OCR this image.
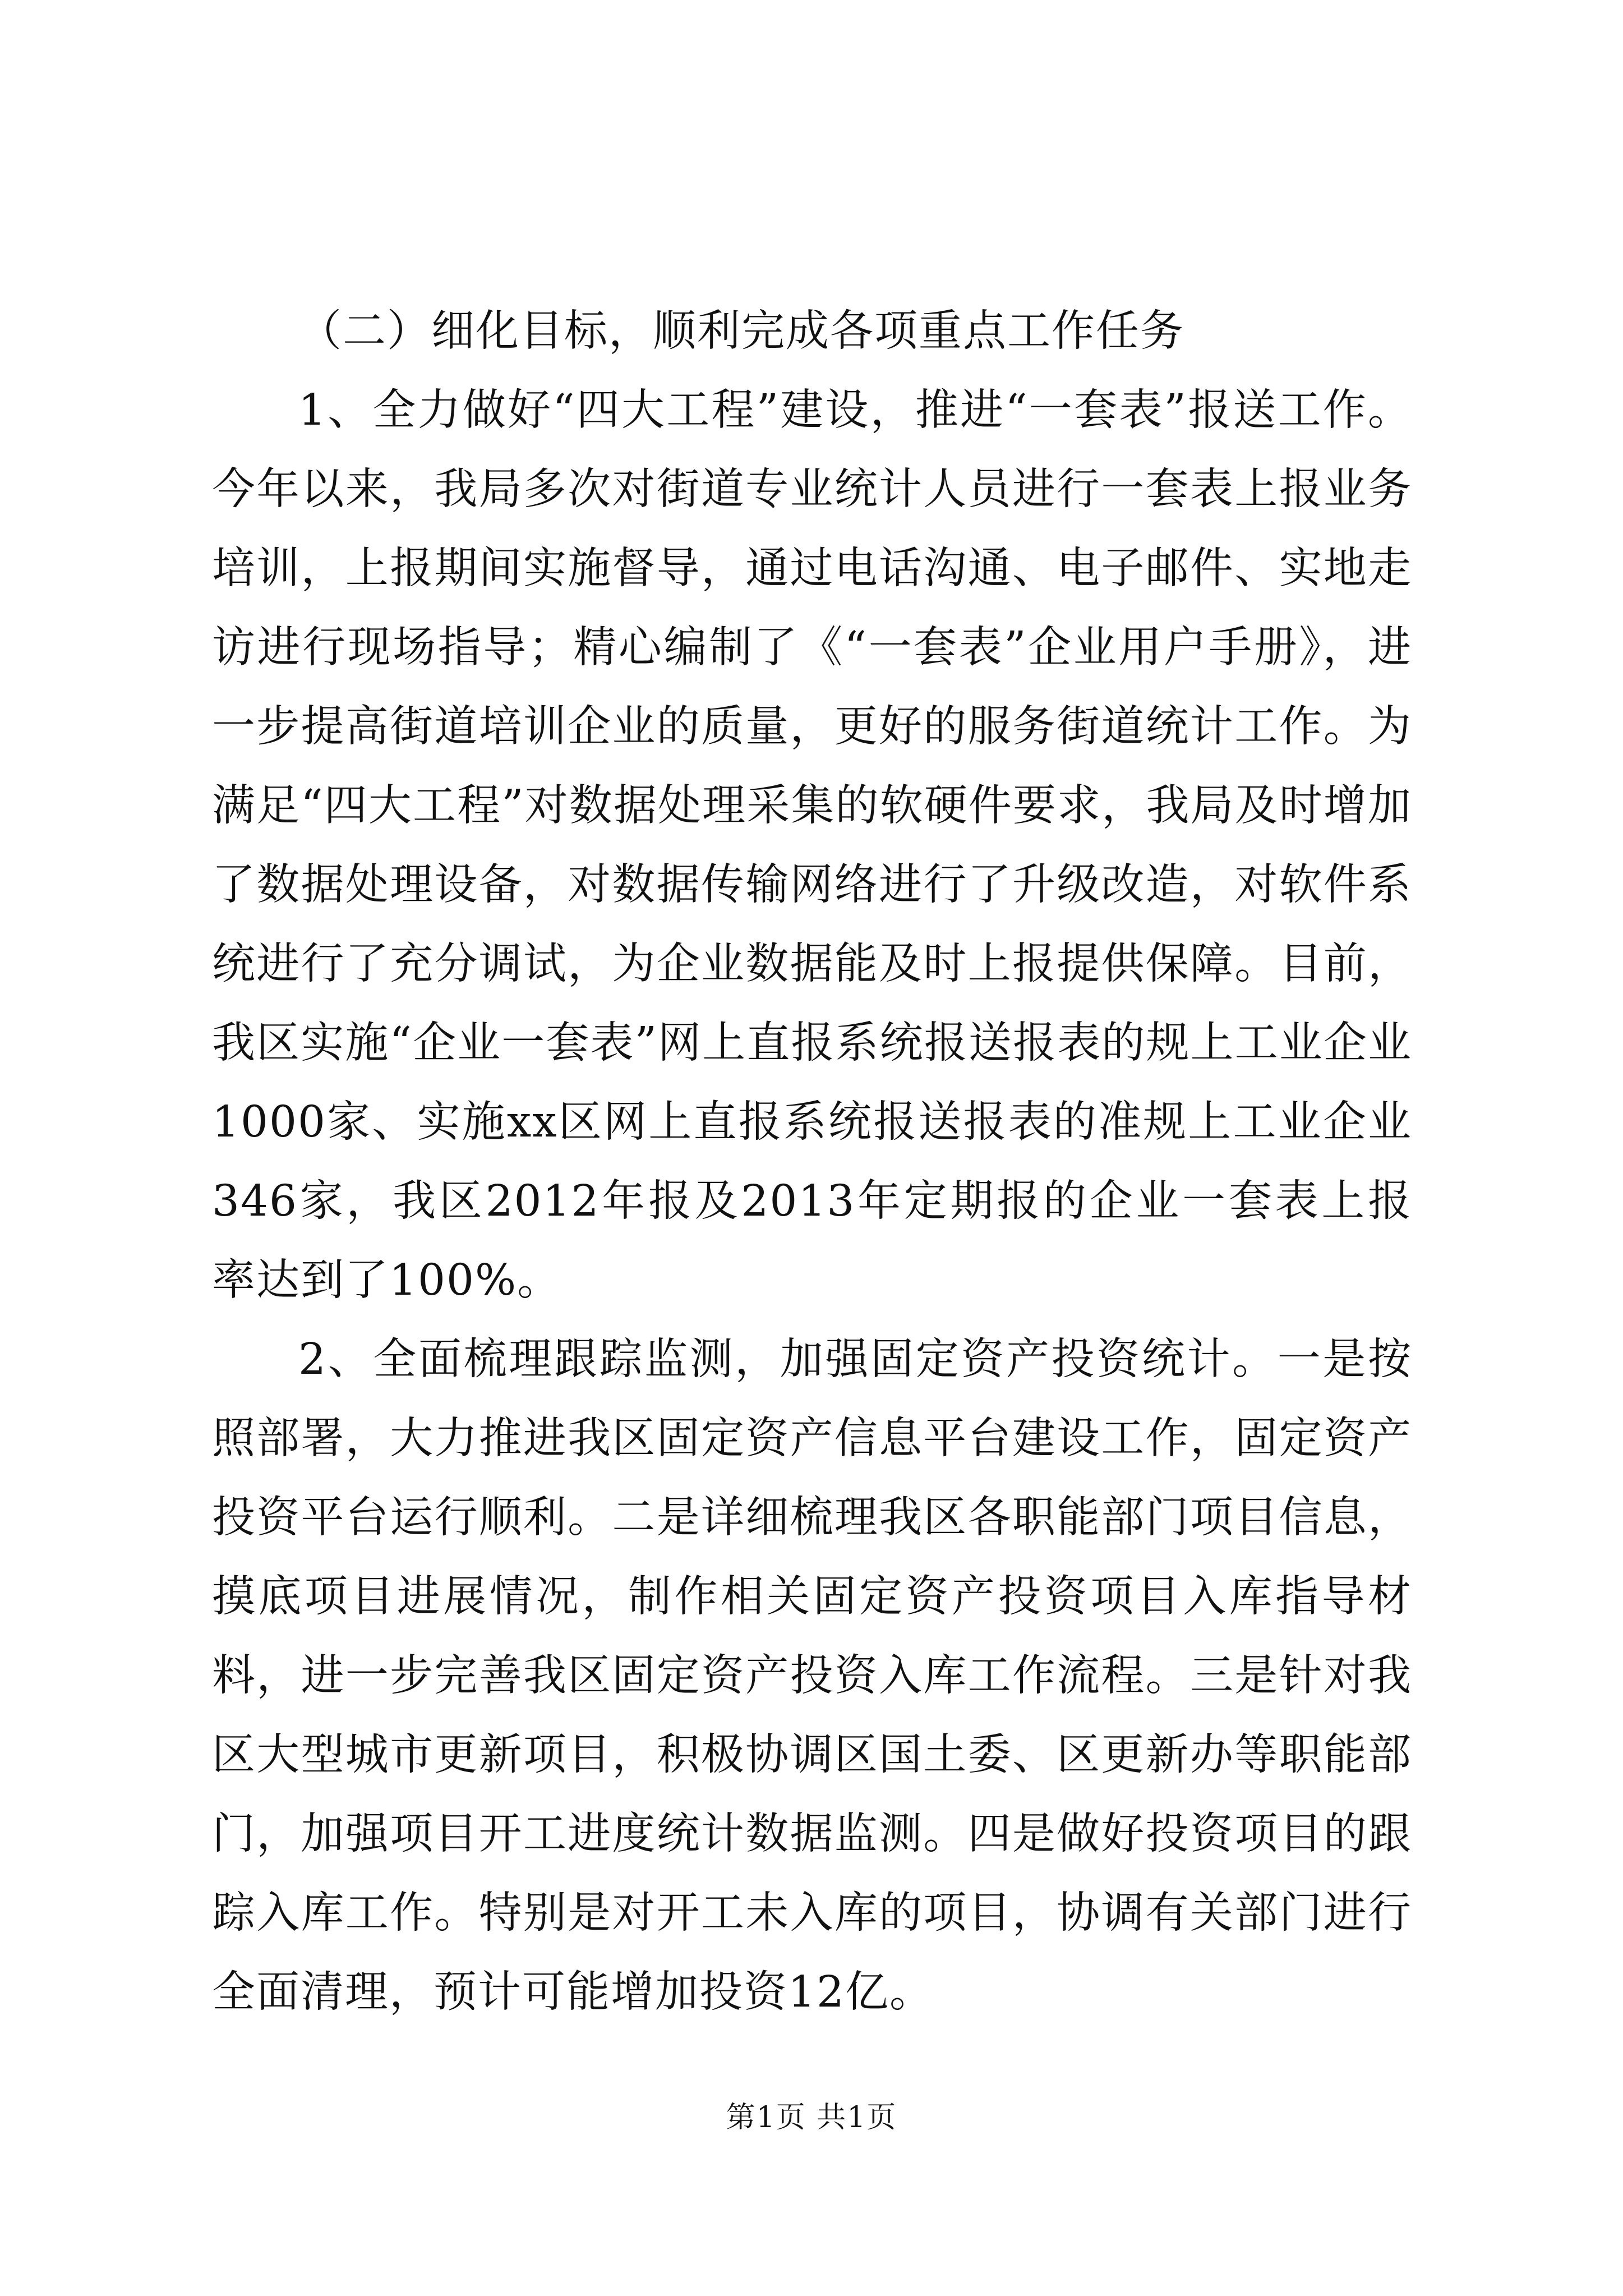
（二）细化目标，顺利完成各项重点工作任务

1、全力做好“四大工程”建设，推进“一套表”报送工作。今年以来，我局多次对街道专业统计人员进行一套表上报业务培训，上报期间实施督导，通过电话沟通、电子邮件、实地走访进行现场指导；精心编制了《“一套表”企业用户手册》，进一步提高街道培训企业的质量，更好的服务街道统计工作。为满足“四大工程”对数据处理采集的软硬件要求，我局及时增加了数据处理设备，对数据传输网络进行了升级改造，对软件系统进行了充分调试，为企业数据能及时上报提供保障。目前，我区实施“企业一套表”网上直报系统报送报表的规上工业企业1000家、实施xx区网上直报系统报送报表的准规上工业企业346家，我区2012年报及2013年定期报的企业一套表上报率达到了100%。

2、全面梳理跟踪监测，加强固定资产投资统计。一是按照部署，大力推进我区固定资产信息平台建设工作，固定资产投资平台运行顺利。二是详细梳理我区各职能部门项目信息，摸底项目进展情况，制作相关固定资产投资项目入库指导材料，进一步完善我区固定资产投资入库工作流程。三是针对我区大型城市更新项目，积极协调区国土委、区更新办等职能部门，加强项目开工进度统计数据监测。四是做好投资项目的跟踪入库工作。特别是对开工未入库的项目，协调有关部门进行全面清理，预计可能增加投资12亿。

第1页 共1页
